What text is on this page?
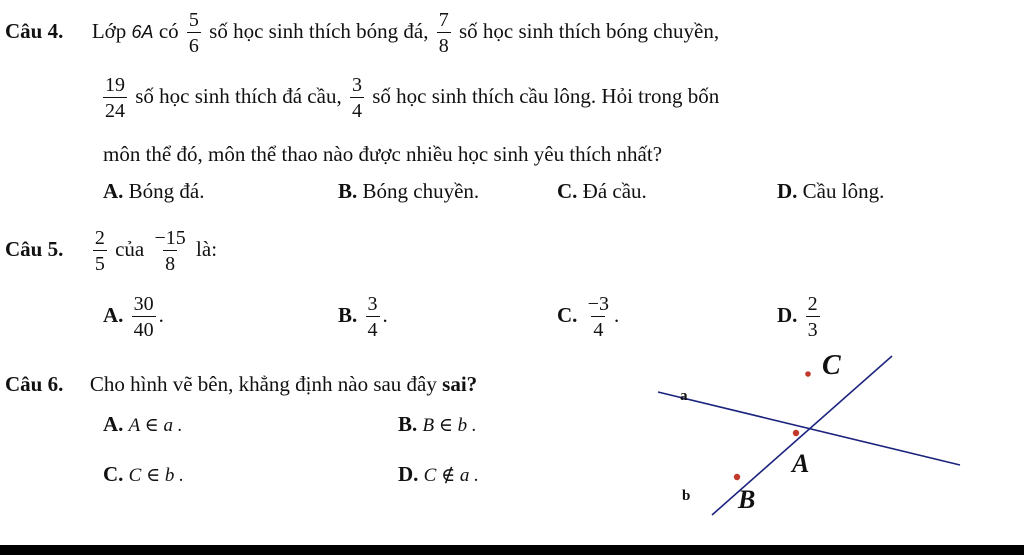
Câu 4. Lớp 6A có $\frac{5}{6}$ số học sinh thích bóng đá, $\frac{7}{8}$ số học sinh thích bóng chuyền,
$\frac{19}{24}$ số học sinh thích đá cầu, $\frac{3}{4}$ số học sinh thích cầu lông. Hỏi trong bốn
môn thể đó, môn thể thao nào được nhiều học sinh yêu thích nhất?
A. Bóng đá.	B. Bóng chuyền.	C. Đá cầu.	D. Cầu lông.
Câu 5. $\frac{2}{5}$ của $\frac{-15}{8}$ là:
A. $\frac{30}{40}$ .	B. $\frac{3}{4}$ .	C. $\frac{-3}{4}$ .	D. $\frac{2}{3}$
Câu 6. Cho hình vẽ bên, khẳng định nào sau đây sai?
A. A ∈ a .	B. B ∈ b .
C. C ∈ b .	D. C ∉ a .
C
A
B
a
b
